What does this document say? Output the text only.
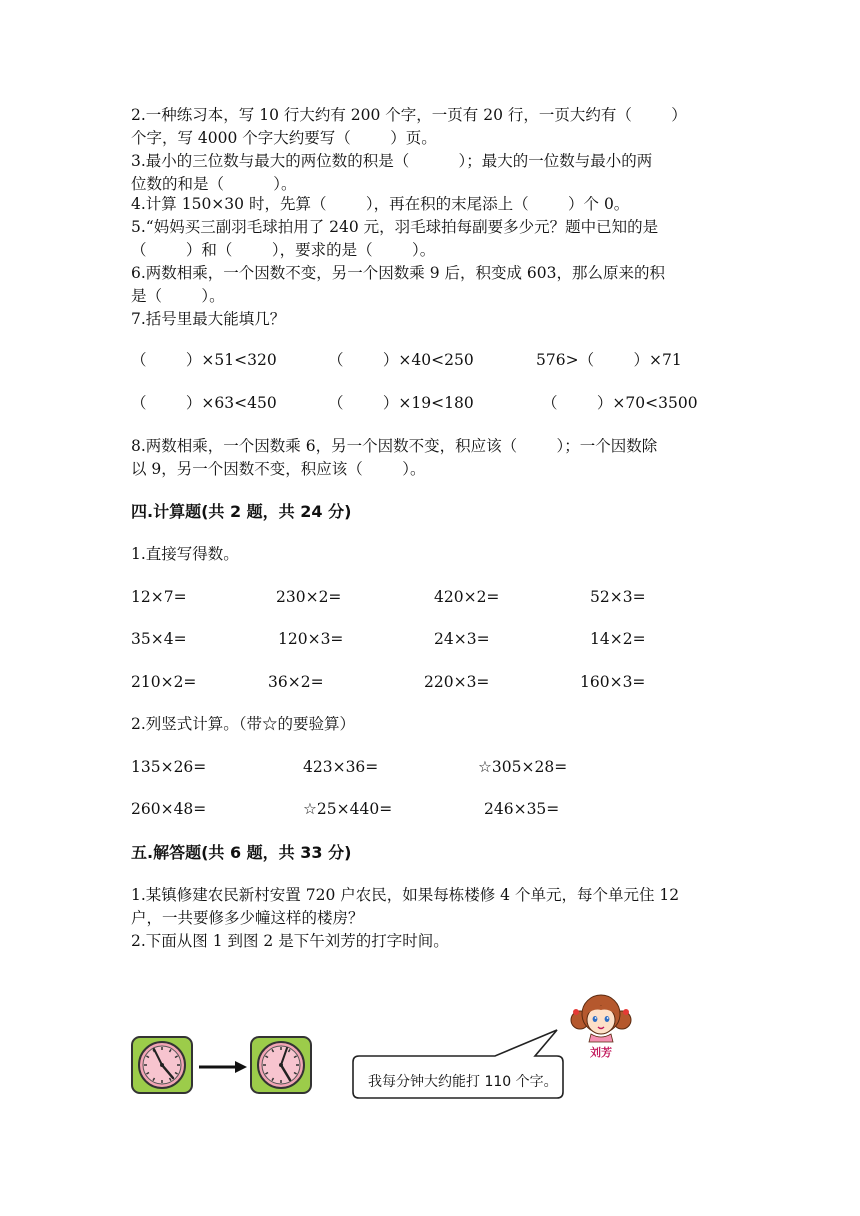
2.一种练习本，写 10 行大约有 200 个字，一页有 20 行，一页大约有（        ）
个字，写 4000 个字大约要写（        ）页。
3.最小的三位数与最大的两位数的积是（          ）；最大的一位数与最小的两
位数的和是（          ）。
4.计算 150×30 时，先算（        ），再在积的末尾添上（        ）个 0。
5.“妈妈买三副羽毛球拍用了 240 元，羽毛球拍每副要多少元？题中已知的是
（        ）和（        ），要求的是（        ）。
6.两数相乘，一个因数不变，另一个因数乘 9 后，积变成 603，那么原来的积
是（        ）。
7.括号里最大能填几？
（        ）×51<320	（        ）×40<250	576>（        ）×71
（        ）×63<450	（        ）×19<180	（        ）×70<3500
8.两数相乘，一个因数乘 6，另一个因数不变，积应该（        ）；一个因数除
以 9，另一个因数不变，积应该（        ）。
四.计算题(共 2 题，共 24 分)
1.直接写得数。
12×7=	230×2=	420×2=	52×3=
35×4=	120×3=	24×3=	14×2=
210×2=	36×2=	220×3=	160×3=
2.列竖式计算。（带☆的要验算）
135×26=	423×36=	☆305×28=
260×48=	☆25×440=	246×35=
五.解答题(共 6 题，共 33 分)
1.某镇修建农民新村安置 720 户农民，如果每栋楼修 4 个单元，每个单元住 12
户，一共要修多少幢这样的楼房？
2.下面从图 1 到图 2 是下午刘芳的打字时间。
我每分钟大约能打 110 个字。
刘芳
